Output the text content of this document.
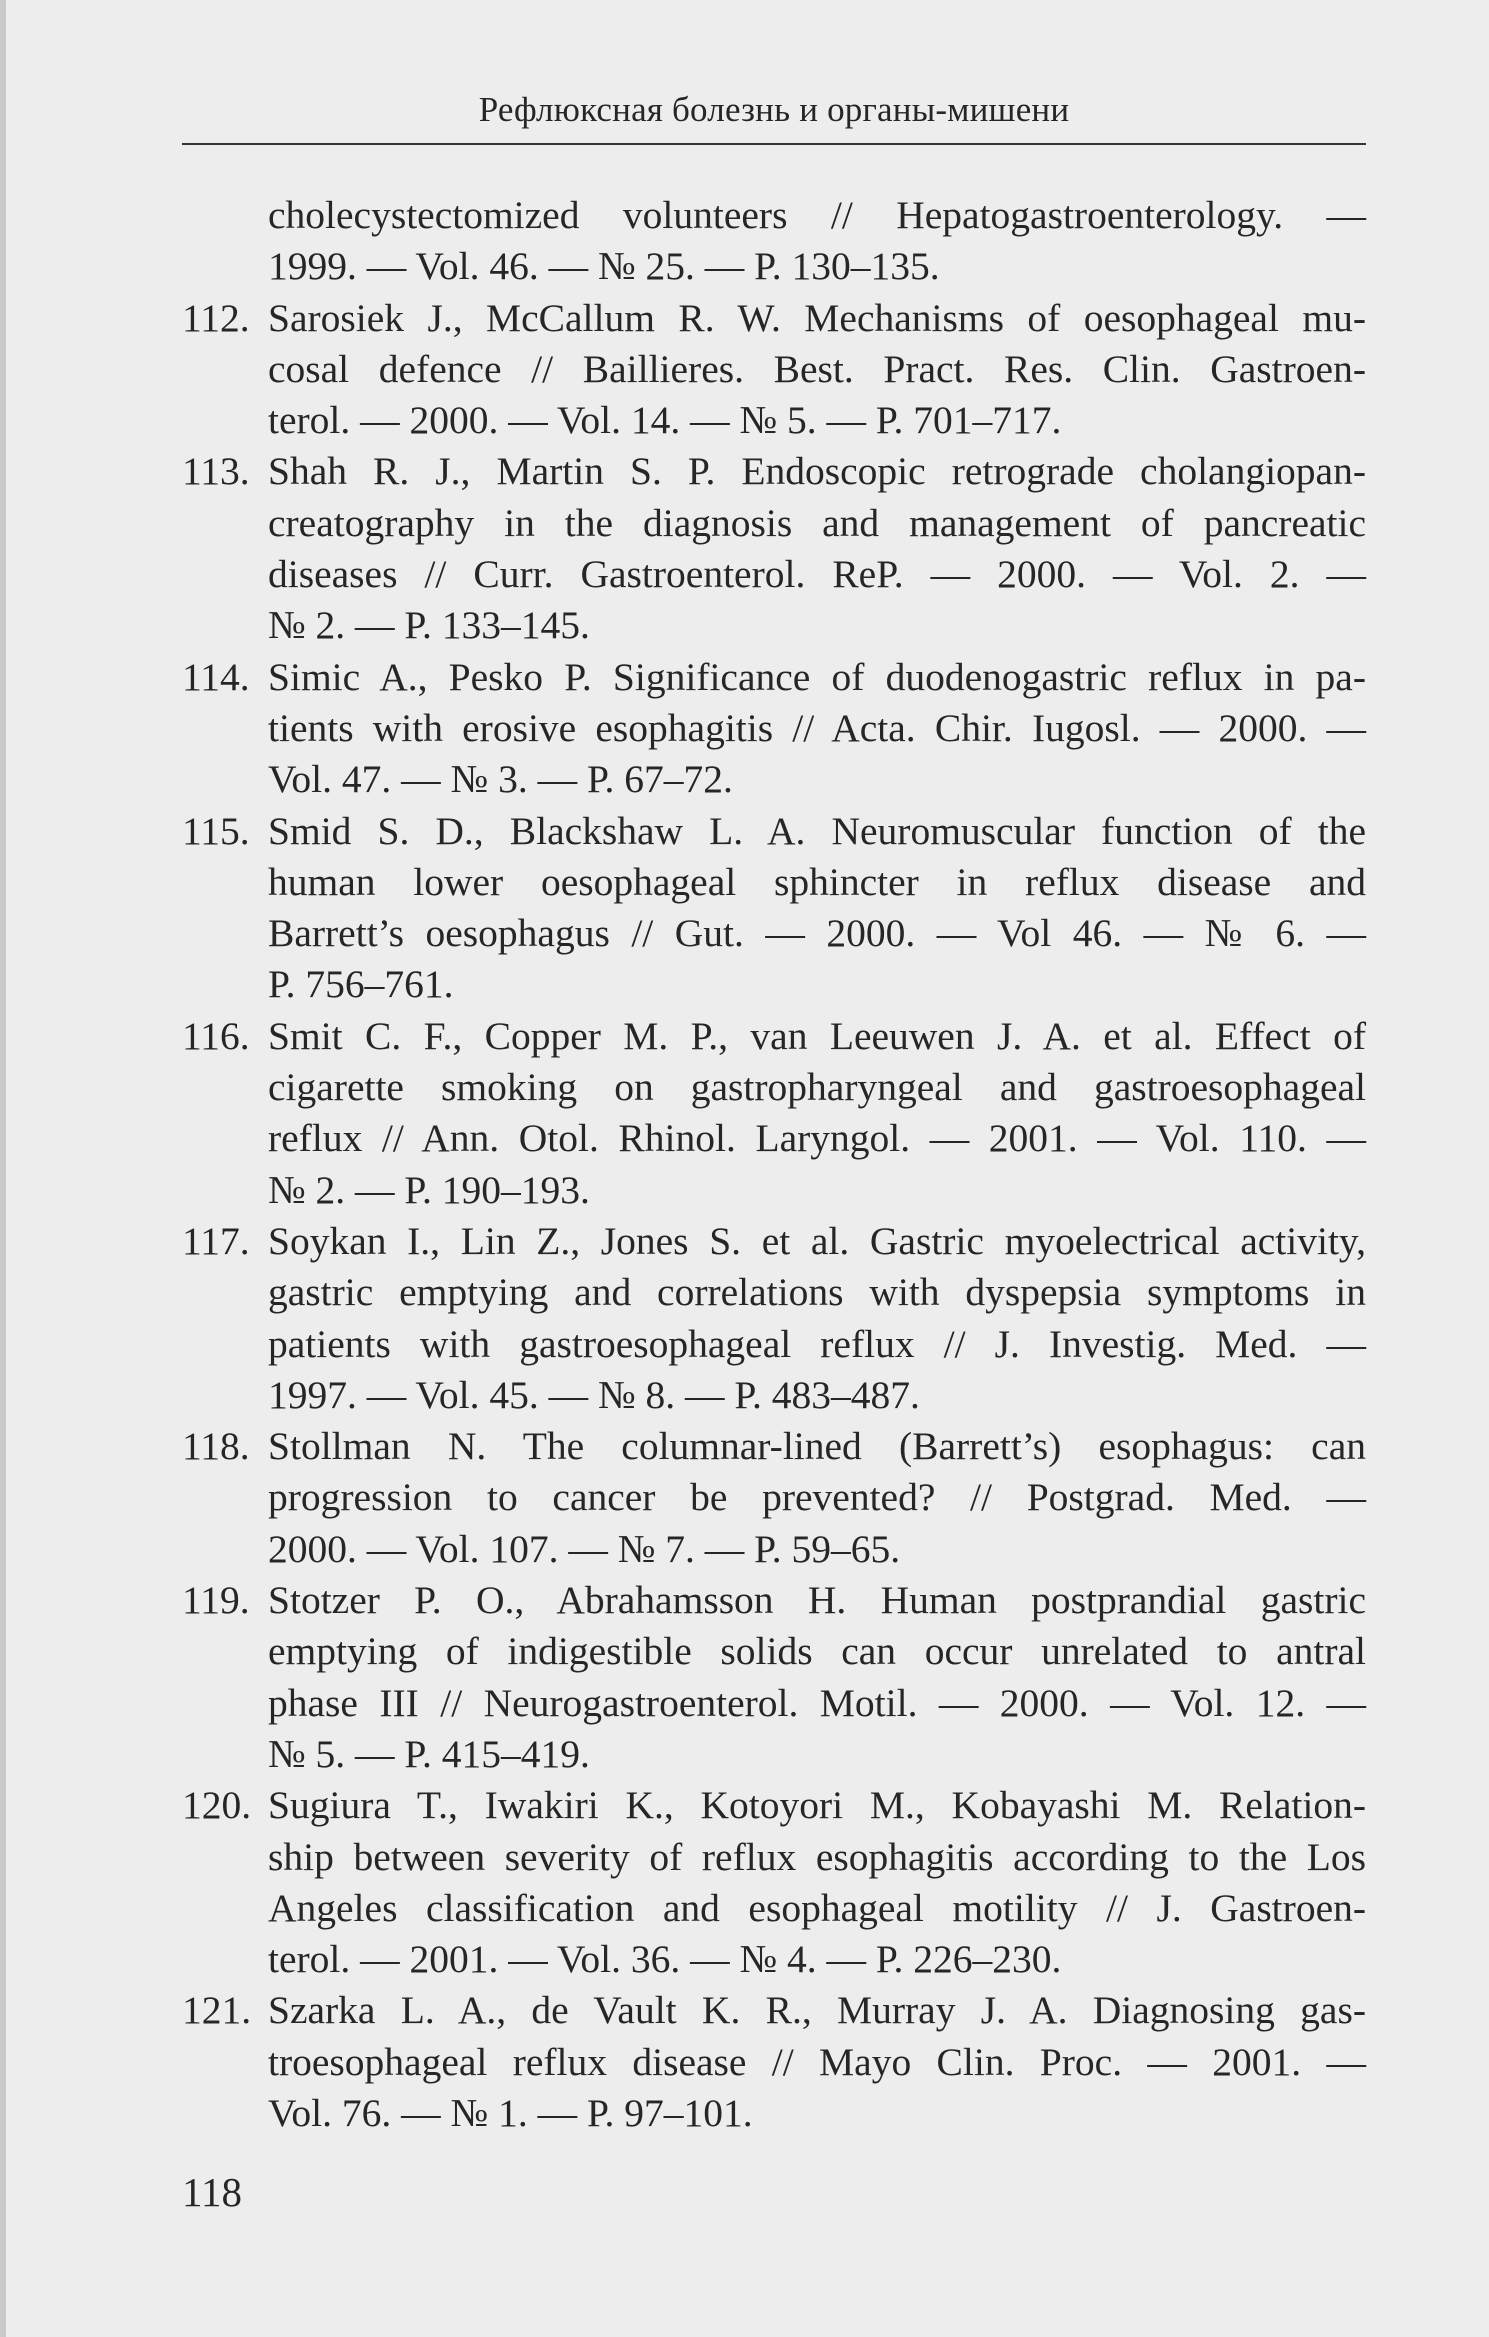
Рефлюксная болезнь и органы-мишени
cholecystectomized volunteers // Hepatogastroenterology. —
1999. — Vol. 46. — № 25. — P. 130–135.
112. Sarosiek J., McCallum R. W. Mechanisms of oesophageal mu-
cosal defence // Baillieres. Best. Pract. Res. Clin. Gastroen-
terol. — 2000. — Vol. 14. — № 5. — P. 701–717.
113. Shah R. J., Martin S. P. Endoscopic retrograde cholangiopan-
creatography in the diagnosis and management of pancreatic
diseases // Curr. Gastroenterol. ReP. — 2000. — Vol. 2. —
№ 2. — P. 133–145.
114. Simic A., Pesko P. Significance of duodenogastric reflux in pa-
tients with erosive esophagitis // Acta. Chir. Iugosl. — 2000. —
Vol. 47. — № 3. — P. 67–72.
115. Smid S. D., Blackshaw L. A. Neuromuscular function of the
human lower oesophageal sphincter in reflux disease and
Barrett’s oesophagus // Gut. — 2000. — Vol 46. — № 6. —
P. 756–761.
116. Smit C. F., Copper M. P., van Leeuwen J. A. et al. Effect of
cigarette smoking on gastropharyngeal and gastroesophageal
reflux // Ann. Otol. Rhinol. Laryngol. — 2001. — Vol. 110. —
№ 2. — P. 190–193.
117. Soykan I., Lin Z., Jones S. et al. Gastric myoelectrical activity,
gastric emptying and correlations with dyspepsia symptoms in
patients with gastroesophageal reflux // J. Investig. Med. —
1997. — Vol. 45. — № 8. — P. 483–487.
118. Stollman N. The columnar-lined (Barrett’s) esophagus: can
progression to cancer be prevented? // Postgrad. Med. —
2000. — Vol. 107. — № 7. — P. 59–65.
119. Stotzer P. O., Abrahamsson H. Human postprandial gastric
emptying of indigestible solids can occur unrelated to antral
phase III // Neurogastroenterol. Motil. — 2000. — Vol. 12. —
№ 5. — P. 415–419.
120. Sugiura T., Iwakiri K., Kotoyori M., Kobayashi M. Relation-
ship between severity of reflux esophagitis according to the Los
Angeles classification and esophageal motility // J. Gastroen-
terol. — 2001. — Vol. 36. — № 4. — P. 226–230.
121. Szarka L. A., de Vault K. R., Murray J. A. Diagnosing gas-
troesophageal reflux disease // Mayo Clin. Proc. — 2001. —
Vol. 76. — № 1. — P. 97–101.
118
